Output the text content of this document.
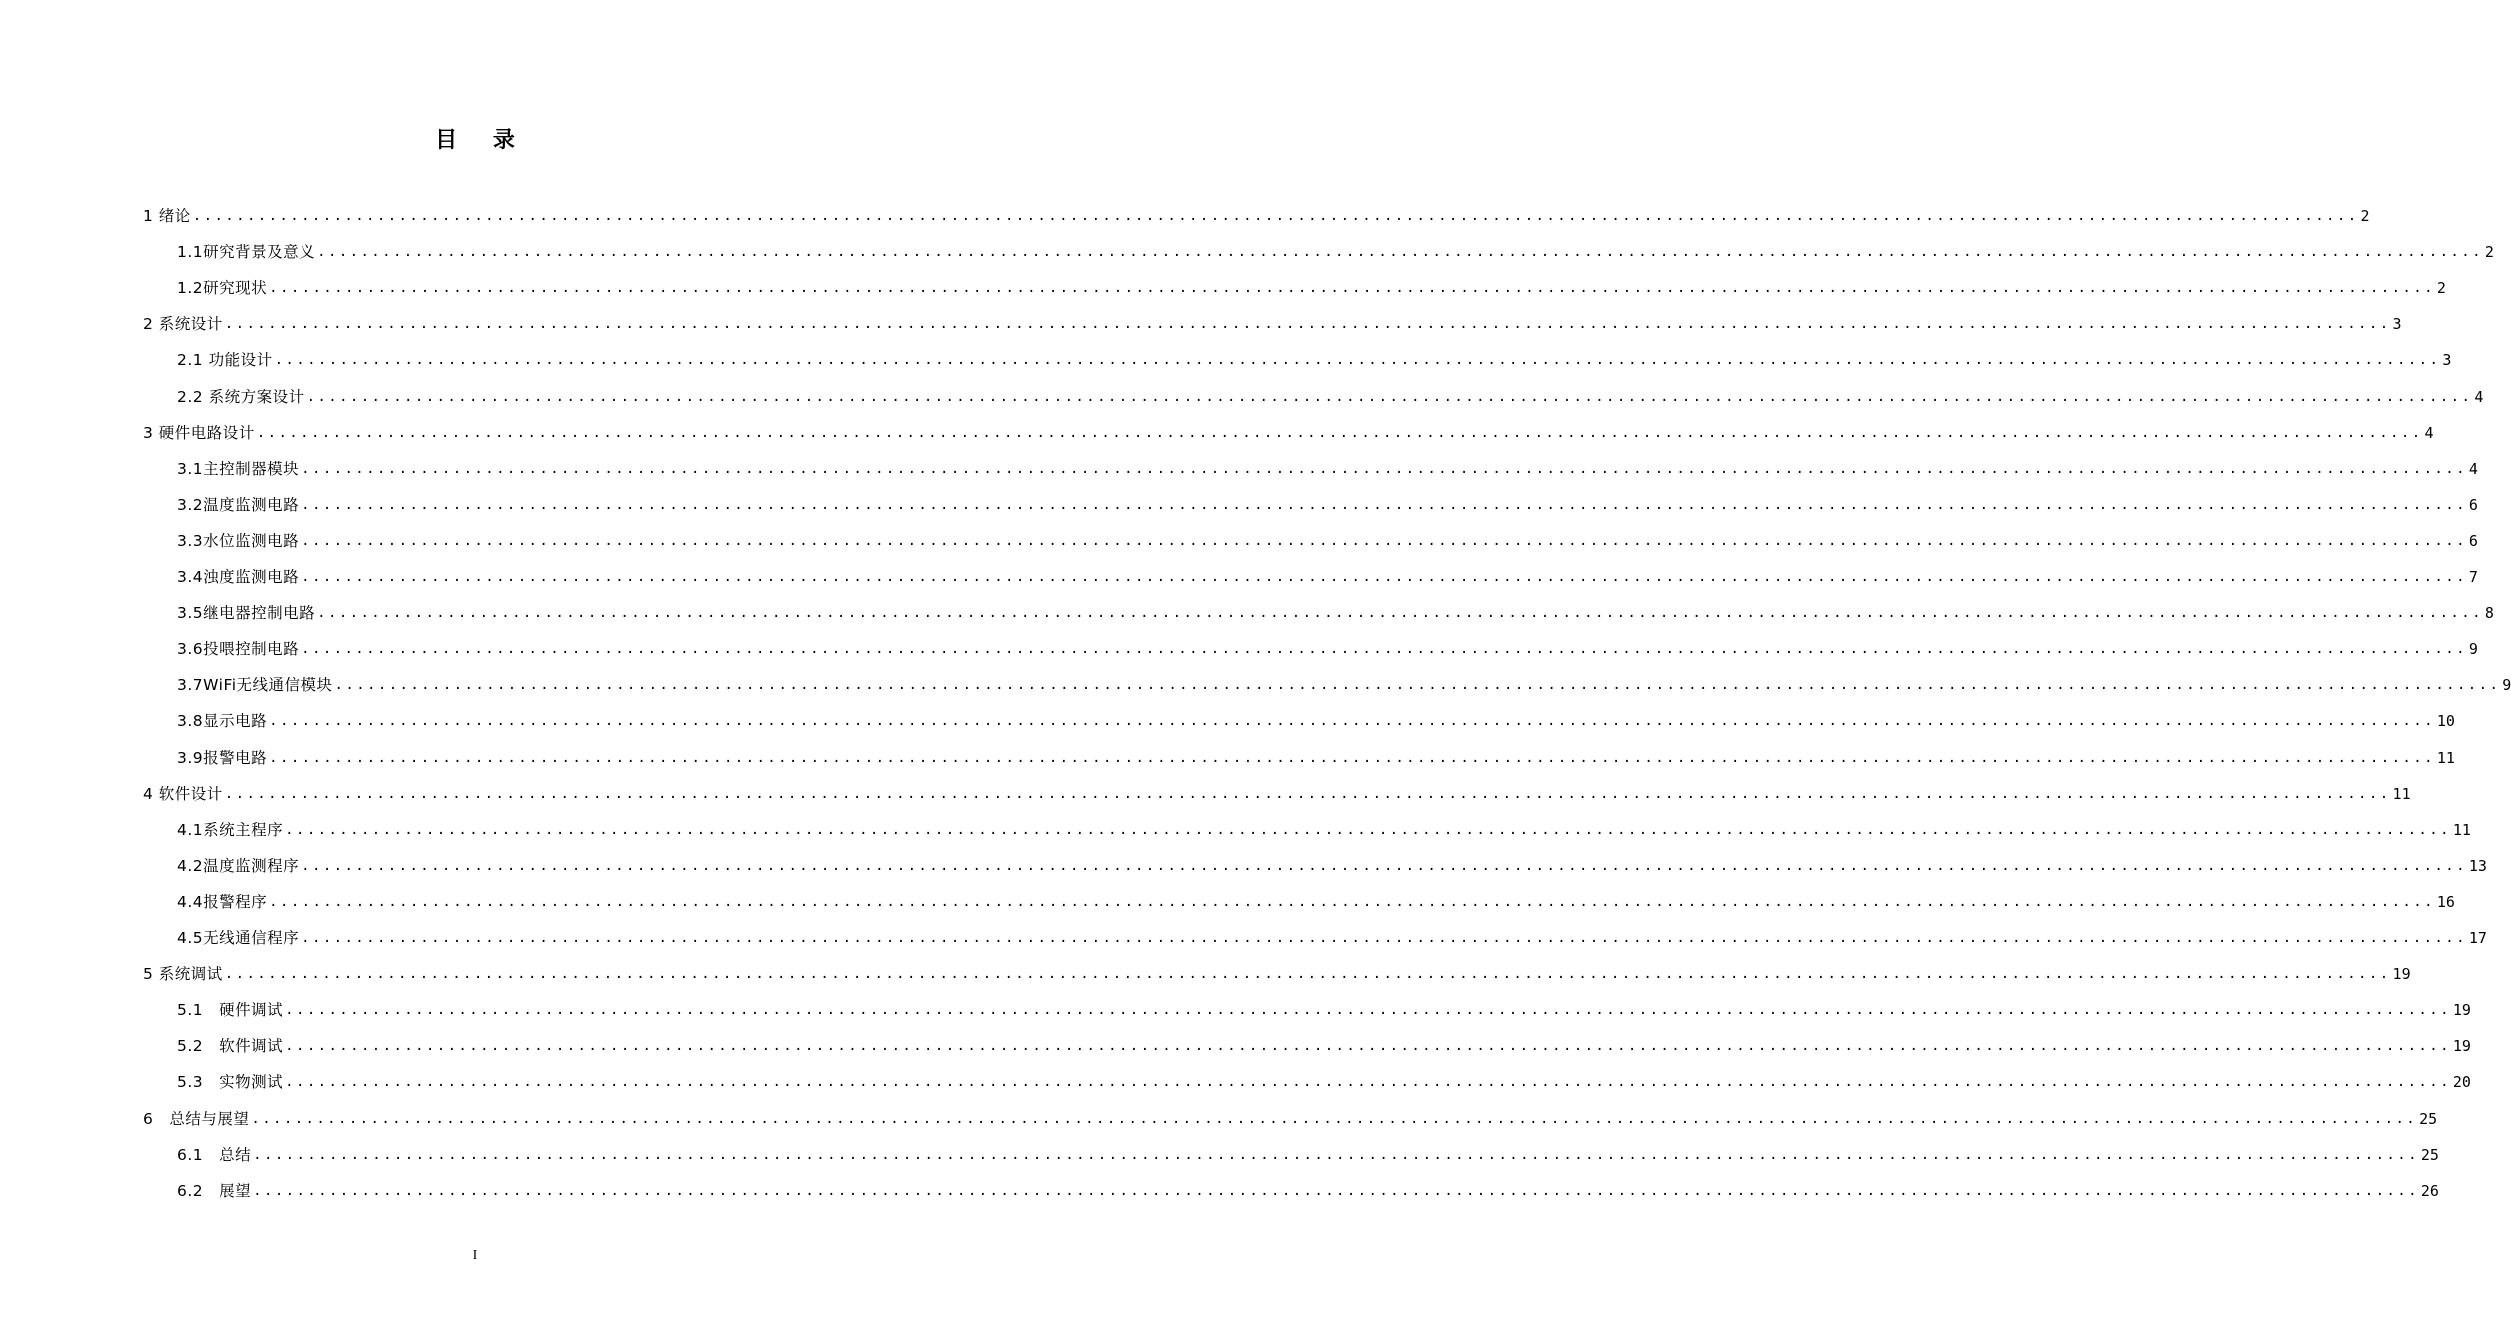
目 录
1 绪论 ........................................................................................................................................................................................................ 2
1.1研究背景及意义 ........................................................................................................................................................................................................ 2
1.2研究现状 ........................................................................................................................................................................................................ 2
2 系统设计 ........................................................................................................................................................................................................ 3
2.1 功能设计 ........................................................................................................................................................................................................ 3
2.2 系统方案设计 ........................................................................................................................................................................................................ 4
3 硬件电路设计 ........................................................................................................................................................................................................ 4
3.1主控制器模块 ........................................................................................................................................................................................................ 4
3.2温度监测电路 ........................................................................................................................................................................................................ 6
3.3水位监测电路 ........................................................................................................................................................................................................ 6
3.4浊度监测电路 ........................................................................................................................................................................................................ 7
3.5继电器控制电路 ........................................................................................................................................................................................................ 8
3.6投喂控制电路 ........................................................................................................................................................................................................ 9
3.7WiFi无线通信模块 ........................................................................................................................................................................................................ 9
3.8显示电路 ........................................................................................................................................................................................................ 10
3.9报警电路 ........................................................................................................................................................................................................ 11
4 软件设计 ........................................................................................................................................................................................................ 11
4.1系统主程序 ........................................................................................................................................................................................................ 11
4.2温度监测程序 ........................................................................................................................................................................................................ 13
4.4报警程序 ........................................................................................................................................................................................................ 16
4.5无线通信程序 ........................................................................................................................................................................................................ 17
5 系统调试 ........................................................................................................................................................................................................ 19
5.1　硬件调试 ........................................................................................................................................................................................................ 19
5.2　软件调试 ........................................................................................................................................................................................................ 19
5.3　实物测试 ........................................................................................................................................................................................................ 20
6　总结与展望 ........................................................................................................................................................................................................ 25
6.1　总结 ........................................................................................................................................................................................................ 25
6.2　展望 ........................................................................................................................................................................................................ 26
I
